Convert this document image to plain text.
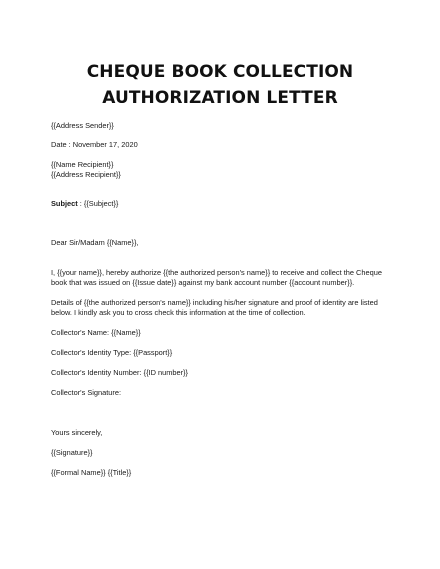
CHEQUE BOOK COLLECTION
AUTHORIZATION LETTER
{{Address Sender}}
Date : November 17, 2020
{{Name Recipient}}
{{Address Recipient}}
Subject : {{Subject}}
Dear Sir/Madam {{Name}},
I, {{your name}}, hereby authorize {{the authorized person's name}} to receive and collect the Cheque
book that was issued on {{Issue date}} against my bank account number {{account number}}.
Details of {{the authorized person's name}} including his/her signature and proof of identity are listed
below. I kindly ask you to cross check this information at the time of collection.
Collector's Name: {{Name}}
Collector's Identity Type: {{Passport}}
Collector's Identity Number: {{ID number}}
Collector's Signature:
Yours sincerely,
{{Signature}}
{{Formal Name}} {{Title}}
